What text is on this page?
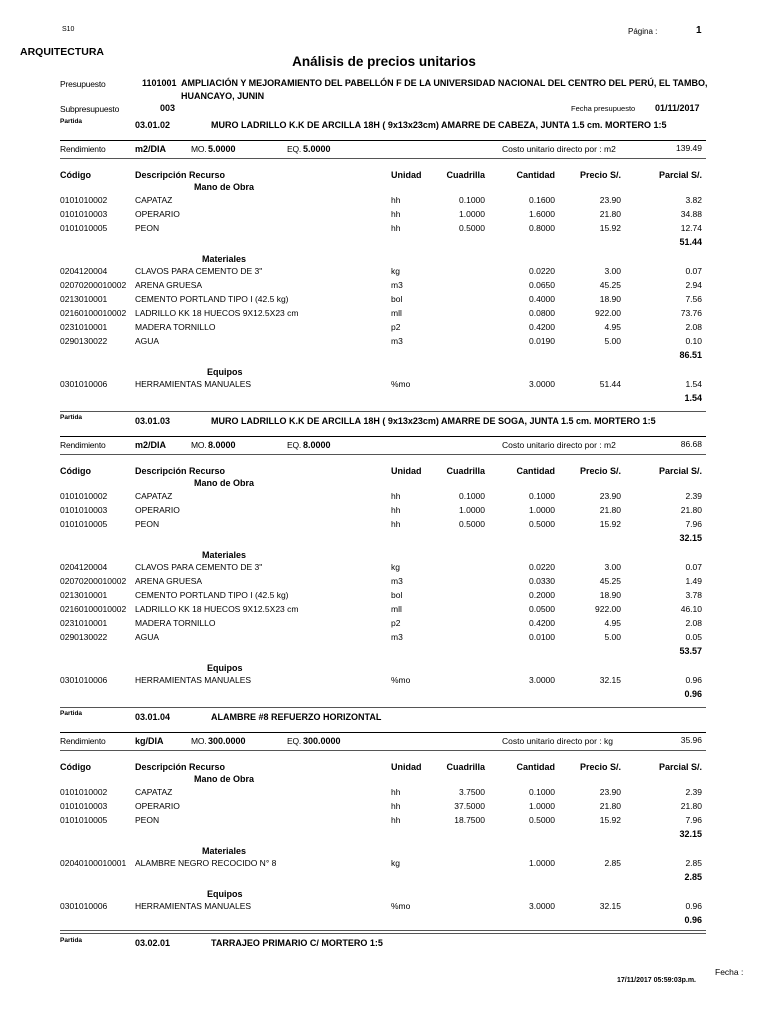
S10	Página :	1
ARQUITECTURA
Análisis de precios unitarios
Presupuesto	1101001 AMPLIACIÓN Y MEJORAMIENTO DEL PABELLÓN F DE LA UNIVERSIDAD NACIONAL DEL CENTRO DEL PERÚ, EL TAMBO,
HUANCAYO, JUNIN
Subpresupuesto	003	Fecha presupuesto 01/11/2017
Partida	03.01.02	MURO LADRILLO K.K DE ARCILLA 18H ( 9x13x23cm) AMARRE DE CABEZA, JUNTA 1.5 cm. MORTERO 1:5
Rendimiento	m2/DIA	MO. 5.0000	EQ. 5.0000	Costo unitario directo por : m2	139.49
Código	Descripción Recurso	Unidad	Cuadrilla	Cantidad	Precio S/.	Parcial S/.
Mano de Obra
0101010002	CAPATAZ	hh	0.1000	0.1600	23.90	3.82
0101010003	OPERARIO	hh	1.0000	1.6000	21.80	34.88
0101010005	PEON	hh	0.5000	0.8000	15.92	12.74
51.44
Materiales
0204120004	CLAVOS PARA CEMENTO DE 3"	kg	0.0220	3.00	0.07
02070200010002 ARENA GRUESA	m3	0.0650	45.25	2.94
0213010001	CEMENTO PORTLAND TIPO I (42.5 kg)	bol	0.4000	18.90	7.56
02160100010002 LADRILLO KK 18 HUECOS 9X12.5X23 cm	mll	0.0800	922.00	73.76
0231010001	MADERA TORNILLO	p2	0.4200	4.95	2.08
0290130022	AGUA	m3	0.0190	5.00	0.10
86.51
Equipos
0301010006	HERRAMIENTAS MANUALES	%mo	3.0000	51.44	1.54
1.54
Partida	03.01.03	MURO LADRILLO K.K DE ARCILLA 18H ( 9x13x23cm) AMARRE DE SOGA, JUNTA 1.5 cm. MORTERO 1:5
Rendimiento	m2/DIA	MO. 8.0000	EQ. 8.0000	Costo unitario directo por : m2	86.68
Código	Descripción Recurso	Unidad	Cuadrilla	Cantidad	Precio S/.	Parcial S/.
Mano de Obra
0101010002	CAPATAZ	hh	0.1000	0.1000	23.90	2.39
0101010003	OPERARIO	hh	1.0000	1.0000	21.80	21.80
0101010005	PEON	hh	0.5000	0.5000	15.92	7.96
32.15
Materiales
0204120004	CLAVOS PARA CEMENTO DE 3"	kg	0.0220	3.00	0.07
02070200010002 ARENA GRUESA	m3	0.0330	45.25	1.49
0213010001	CEMENTO PORTLAND TIPO I (42.5 kg)	bol	0.2000	18.90	3.78
02160100010002 LADRILLO KK 18 HUECOS 9X12.5X23 cm	mll	0.0500	922.00	46.10
0231010001	MADERA TORNILLO	p2	0.4200	4.95	2.08
0290130022	AGUA	m3	0.0100	5.00	0.05
53.57
Equipos
0301010006	HERRAMIENTAS MANUALES	%mo	3.0000	32.15	0.96
0.96
Partida	03.01.04	ALAMBRE #8 REFUERZO HORIZONTAL
Rendimiento	kg/DIA	MO. 300.0000	EQ. 300.0000	Costo unitario directo por : kg	35.96
Código	Descripción Recurso	Unidad	Cuadrilla	Cantidad	Precio S/.	Parcial S/.
Mano de Obra
0101010002	CAPATAZ	hh	3.7500	0.1000	23.90	2.39
0101010003	OPERARIO	hh	37.5000	1.0000	21.80	21.80
0101010005	PEON	hh	18.7500	0.5000	15.92	7.96
32.15
Materiales
02040100010001 ALAMBRE NEGRO RECOCIDO N° 8	kg	1.0000	2.85	2.85
2.85
Equipos
0301010006	HERRAMIENTAS MANUALES	%mo	3.0000	32.15	0.96
0.96
Partida	03.02.01	TARRAJEO PRIMARIO C/ MORTERO 1:5
Fecha :
17/11/2017 05:59:03p.m.
